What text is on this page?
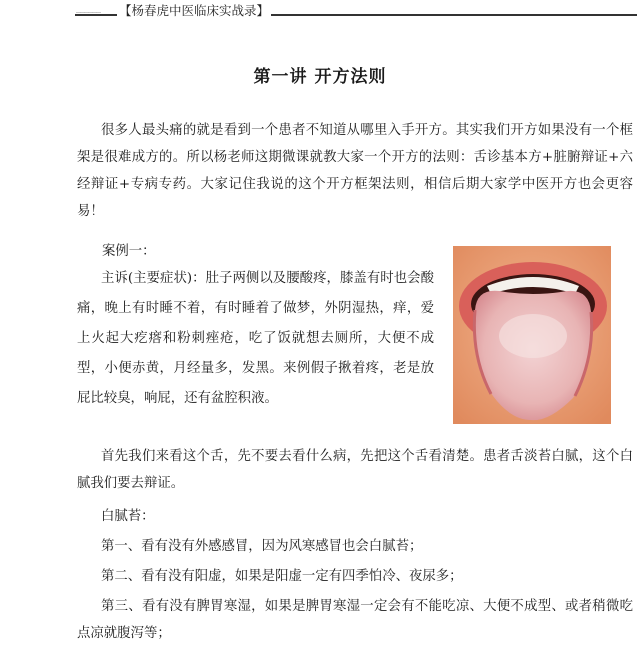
______ 【杨春虎中医临床实战录】
第一讲 开方法则

很多人最头痛的就是看到一个患者不知道从哪里入手开方。其实我们开方如果没有一个框架是很难成方的。所以杨老师这期微课就教大家一个开方的法则：舌诊基本方+脏腑辩证+六经辩证+专病专药。大家记住我说的这个开方框架法则，相信后期大家学中医开方也会更容易！

案例一：

主诉(主要症状)：肚子两侧以及腰酸疼，膝盖有时也会酸痛，晚上有时睡不着，有时睡着了做梦，外阴湿热，痒，爱上火起大疙瘩和粉刺痤疮，吃了饭就想去厕所，大便不成型，小便赤黄，月经量多，发黑。来例假子揪着疼，老是放屁比较臭，响屁，还有盆腔积液。

首先我们来看这个舌，先不要去看什么病，先把这个舌看清楚。患者舌淡苔白腻，这个白腻我们要去辩证。

白腻苔：

第一、看有没有外感感冒，因为风寒感冒也会白腻苔；

第二、看有没有阳虚，如果是阳虚一定有四季怕冷、夜尿多；

第三、看有没有脾胃寒湿，如果是脾胃寒湿一定会有不能吃凉、大便不成型、或者稍微吃点凉就腹泻等；
